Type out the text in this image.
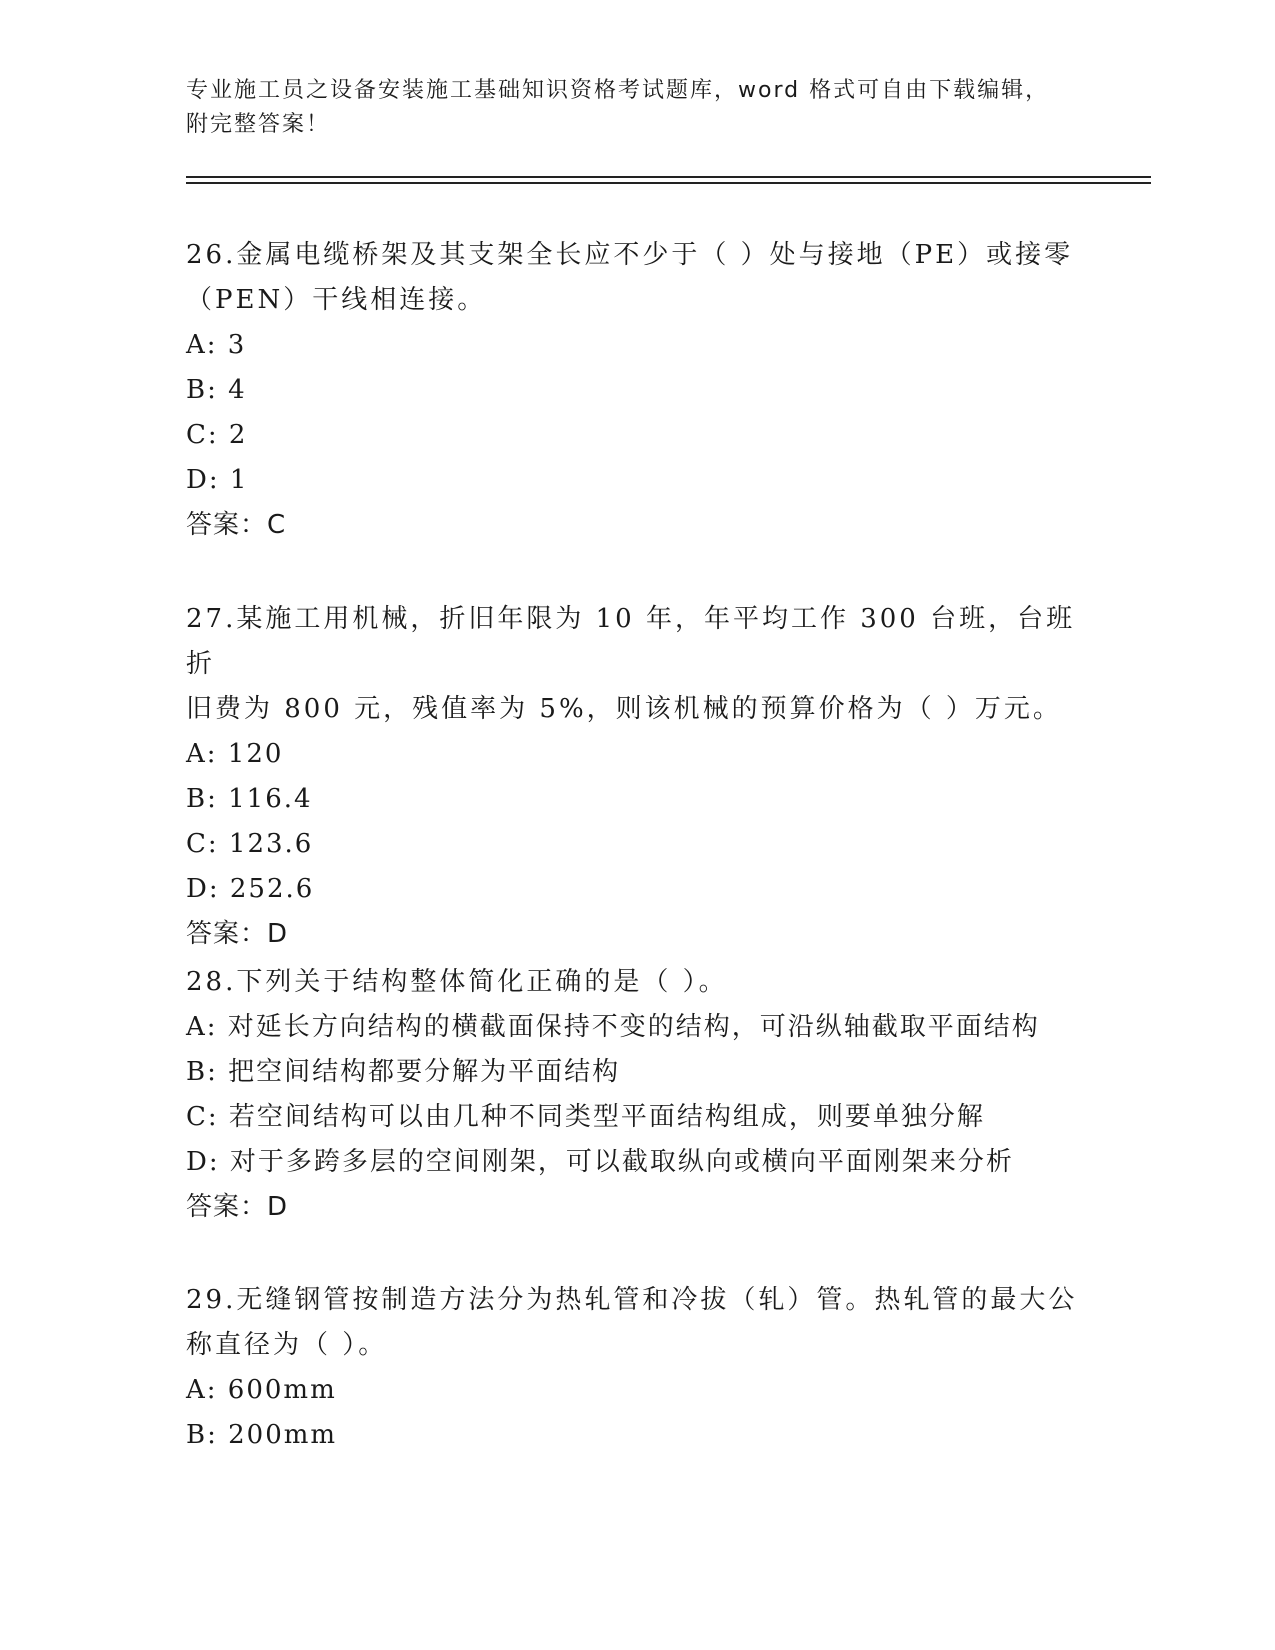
专业施工员之设备安装施工基础知识资格考试题库，word 格式可自由下载编辑，
附完整答案！
26.金属电缆桥架及其支架全长应不少于（ ）处与接地（PE）或接零
（PEN）干线相连接。
A: 3
B: 4
C: 2
D: 1
答案：C
27.某施工用机械，折旧年限为 10 年，年平均工作 300 台班，台班折
旧费为 800 元，残值率为 5%，则该机械的预算价格为（ ）万元。
A: 120
B: 116.4
C: 123.6
D: 252.6
答案：D
28.下列关于结构整体简化正确的是（ ）。
A: 对延长方向结构的横截面保持不变的结构，可沿纵轴截取平面结构
B: 把空间结构都要分解为平面结构
C: 若空间结构可以由几种不同类型平面结构组成，则要单独分解
D: 对于多跨多层的空间刚架，可以截取纵向或横向平面刚架来分析
答案：D
29.无缝钢管按制造方法分为热轧管和冷拔（轧）管。热轧管的最大公
称直径为（ ）。
A: 600mm
B: 200mm
